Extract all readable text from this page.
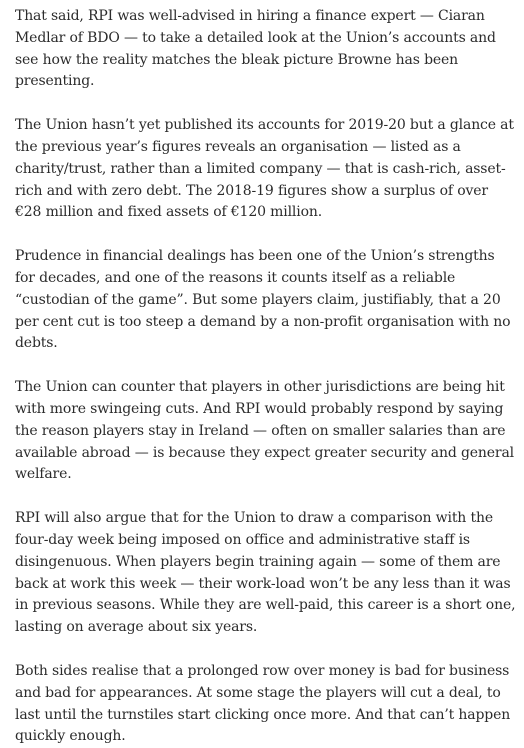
That said, RPI was well-advised in hiring a finance expert — Ciaran Medlar of BDO — to take a detailed look at the Union’s accounts and see how the reality matches the bleak picture Browne has been presenting.

The Union hasn’t yet published its accounts for 2019-20 but a glance at the previous year’s figures reveals an organisation — listed as a charity/trust, rather than a limited company — that is cash-rich, asset-rich and with zero debt. The 2018-19 figures show a surplus of over €28 million and fixed assets of €120 million.

Prudence in financial dealings has been one of the Union’s strengths for decades, and one of the reasons it counts itself as a reliable “custodian of the game”. But some players claim, justifiably, that a 20 per cent cut is too steep a demand by a non-profit organisation with no debts.

The Union can counter that players in other jurisdictions are being hit with more swingeing cuts. And RPI would probably respond by saying the reason players stay in Ireland — often on smaller salaries than are available abroad — is because they expect greater security and general welfare.

RPI will also argue that for the Union to draw a comparison with the four-day week being imposed on office and administrative staff is disingenuous. When players begin training again — some of them are back at work this week — their work-load won’t be any less than it was in previous seasons. While they are well-paid, this career is a short one, lasting on average about six years.

Both sides realise that a prolonged row over money is bad for business and bad for appearances. At some stage the players will cut a deal, to last until the turnstiles start clicking once more. And that can’t happen quickly enough.
